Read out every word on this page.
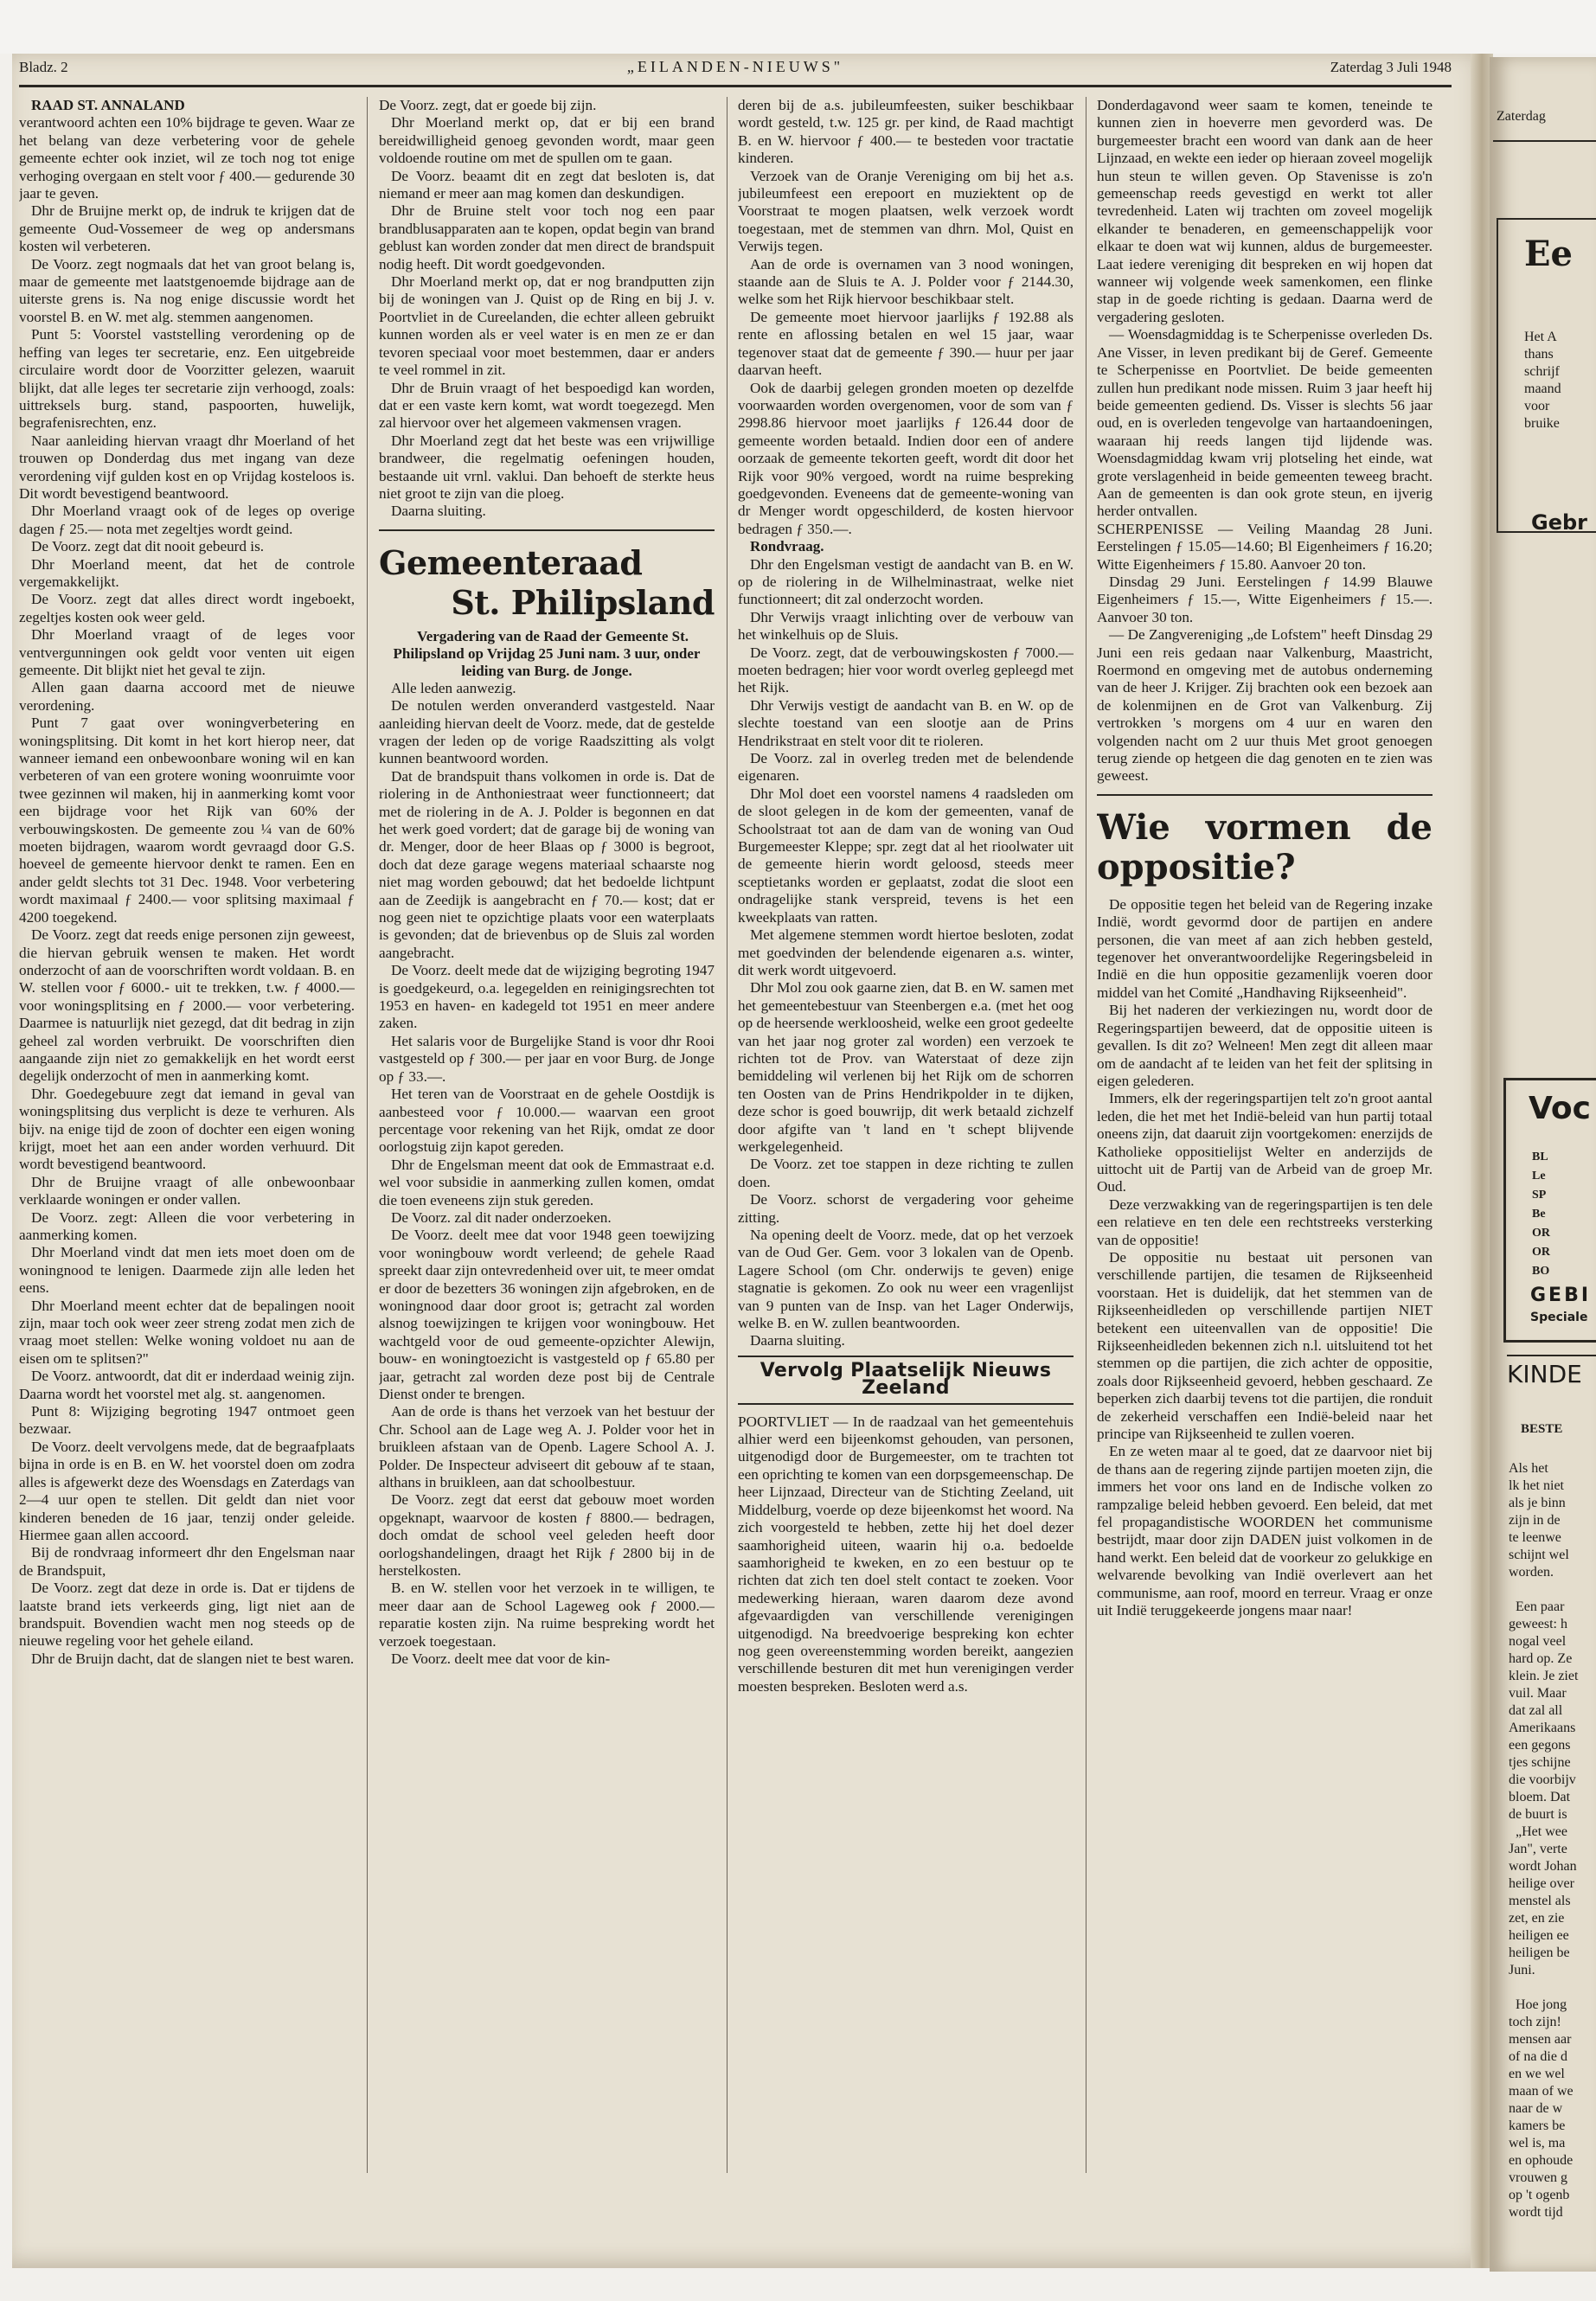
Zaterdag
Ee
Het A
thans
schrijf
maand
voor
bruike
Gebr
Voc
BL
Le
SP
Be
OR
OR
BO
GEBI
Speciale
KINDE
BESTE
Als het
lk het niet
als je binn
zijn in de
te leenwe
schijnt wel
worden.

Een paar
geweest: h
nogal veel
hard op. Ze
klein. Je ziet
vuil. Maar
dat zal all
Amerikaans
een gegons
tjes schijne
die voorbijv
bloem. Dat
de buurt is
„Het wee
Jan", verte
wordt Johan
heilige over
menstel als
zet, en zie
heiligen ee
heiligen be
Juni.

Hoe jong
toch zijn!
mensen aar
of na die d
en we wel
maan of we
naar de w
kamers be
wel is, ma
en ophoude
vrouwen g
op 't ogenb
wordt tijd
Bladz. 2	„EILANDEN-NIEUWS"	Zaterdag 3 Juli 1948

RAAD ST. ANNALAND

verantwoord achten een 10% bijdrage te geven. Waar ze het belang van deze verbetering voor de gehele gemeente echter ook inziet, wil ze toch nog tot enige verhoging overgaan en stelt voor ƒ 400.— gedurende 30 jaar te geven.

Dhr de Bruijne merkt op, de indruk te krijgen dat de gemeente Oud-Vossemeer de weg op andersmans kosten wil verbeteren.

De Voorz. zegt nogmaals dat het van groot belang is, maar de gemeente met laatstgenoemde bijdrage aan de uiterste grens is. Na nog enige discussie wordt het voorstel B. en W. met alg. stemmen aangenomen.

Punt 5: Voorstel vaststelling verordening op de heffing van leges ter secretarie, enz. Een uitgebreide circulaire wordt door de Voorzitter gelezen, waaruit blijkt, dat alle leges ter secretarie zijn verhoogd, zoals: uittreksels burg. stand, paspoorten, huwelijk, begrafenisrechten, enz.

Naar aanleiding hiervan vraagt dhr Moerland of het trouwen op Donderdag dus met ingang van deze verordening vijf gulden kost en op Vrijdag kosteloos is. Dit wordt bevestigend beantwoord.

Dhr Moerland vraagt ook of de leges op overige dagen ƒ 25.— nota met zegeltjes wordt geind.

De Voorz. zegt dat dit nooit gebeurd is.

Dhr Moerland meent, dat het de controle vergemakkelijkt.

De Voorz. zegt dat alles direct wordt ingeboekt, zegeltjes kosten ook weer geld.

Dhr Moerland vraagt of de leges voor ventvergunningen ook geldt voor venten uit eigen gemeente. Dit blijkt niet het geval te zijn.

Allen gaan daarna accoord met de nieuwe verordening.

Punt 7 gaat over woningverbetering en woningsplitsing. Dit komt in het kort hierop neer, dat wanneer iemand een onbewoonbare woning wil en kan verbeteren of van een grotere woning woonruimte voor twee gezinnen wil maken, hij in aanmerking komt voor een bijdrage voor het Rijk van 60% der verbouwingskosten. De gemeente zou ¼ van de 60% moeten bijdragen, waarom wordt gevraagd door G.S. hoeveel de gemeente hiervoor denkt te ramen. Een en ander geldt slechts tot 31 Dec. 1948. Voor verbetering wordt maximaal ƒ 2400.— voor splitsing maximaal ƒ 4200 toegekend.

De Voorz. zegt dat reeds enige personen zijn geweest, die hiervan gebruik wensen te maken. Het wordt onderzocht of aan de voorschriften wordt voldaan. B. en W. stellen voor ƒ 6000.- uit te trekken, t.w. ƒ 4000.— voor woningsplitsing en ƒ 2000.— voor verbetering. Daarmee is natuurlijk niet gezegd, dat dit bedrag in zijn geheel zal worden verbruikt. De voorschriften dien aangaande zijn niet zo gemakkelijk en het wordt eerst degelijk onderzocht of men in aanmerking komt.

Dhr. Goedegebuure zegt dat iemand in geval van woningsplitsing dus verplicht is deze te verhuren. Als bijv. na enige tijd de zoon of dochter een eigen woning krijgt, moet het aan een ander worden verhuurd. Dit wordt bevestigend beantwoord.

Dhr de Bruijne vraagt of alle onbewoonbaar verklaarde woningen er onder vallen.

De Voorz. zegt: Alleen die voor verbetering in aanmerking komen.

Dhr Moerland vindt dat men iets moet doen om de woningnood te lenigen. Daarmede zijn alle leden het eens.

Dhr Moerland meent echter dat de bepalingen nooit zijn, maar toch ook weer zeer streng zodat men zich de vraag moet stellen: Welke woning voldoet nu aan de eisen om te splitsen?"

De Voorz. antwoordt, dat dit er inderdaad weinig zijn. Daarna wordt het voorstel met alg. st. aangenomen.

Punt 8: Wijziging begroting 1947 ontmoet geen bezwaar.

De Voorz. deelt vervolgens mede, dat de begraafplaats bijna in orde is en B. en W. het voorstel doen om zodra alles is afgewerkt deze des Woensdags en Zaterdags van 2—4 uur open te stellen. Dit geldt dan niet voor kinderen beneden de 16 jaar, tenzij onder geleide. Hiermee gaan allen accoord.

Bij de rondvraag informeert dhr den Engelsman naar de Brandspuit,

De Voorz. zegt dat deze in orde is. Dat er tijdens de laatste brand iets verkeerds ging, ligt niet aan de brandspuit. Bovendien wacht men nog steeds op de nieuwe regeling voor het gehele eiland.

Dhr de Bruijn dacht, dat de slangen niet te best waren.

De Voorz. zegt, dat er goede bij zijn.

Dhr Moerland merkt op, dat er bij een brand bereidwilligheid genoeg gevonden wordt, maar geen voldoende routine om met de spullen om te gaan.

De Voorz. beaamt dit en zegt dat besloten is, dat niemand er meer aan mag komen dan deskundigen.

Dhr de Bruine stelt voor toch nog een paar brandblusapparaten aan te kopen, opdat begin van brand geblust kan worden zonder dat men direct de brandspuit nodig heeft. Dit wordt goedgevonden.

Dhr Moerland merkt op, dat er nog brandputten zijn bij de woningen van J. Quist op de Ring en bij J. v. Poortvliet in de Cureelanden, die echter alleen gebruikt kunnen worden als er veel water is en men ze er dan tevoren speciaal voor moet bestemmen, daar er anders te veel rommel in zit.

Dhr de Bruin vraagt of het bespoedigd kan worden, dat er een vaste kern komt, wat wordt toegezegd. Men zal hiervoor over het algemeen vakmensen vragen.

Dhr Moerland zegt dat het beste was een vrijwillige brandweer, die regelmatig oefeningen houden, bestaande uit vrnl. vaklui. Dan behoeft de sterkte heus niet groot te zijn van die ploeg.

Daarna sluiting.

Gemeenteraad
St. Philipsland

Vergadering van de Raad der Gemeente St. Philipsland op Vrijdag 25 Juni nam. 3 uur, onder leiding van Burg. de Jonge.

Alle leden aanwezig.

De notulen werden onveranderd vastgesteld. Naar aanleiding hiervan deelt de Voorz. mede, dat de gestelde vragen der leden op de vorige Raadszitting als volgt kunnen beantwoord worden.

Dat de brandspuit thans volkomen in orde is. Dat de riolering in de Anthoniestraat weer functionneert; dat met de riolering in de A. J. Polder is begonnen en dat het werk goed vordert; dat de garage bij de woning van dr. Menger, door de heer Blaas op ƒ 3000 is begroot, doch dat deze garage wegens materiaal schaarste nog niet mag worden gebouwd; dat het bedoelde lichtpunt aan de Zeedijk is aangebracht en ƒ 70.— kost; dat er nog geen niet te opzichtige plaats voor een waterplaats is gevonden; dat de brievenbus op de Sluis zal worden aangebracht.

De Voorz. deelt mede dat de wijziging begroting 1947 is goedgekeurd, o.a. legegelden en reinigingsrechten tot 1953 en haven- en kadegeld tot 1951 en meer andere zaken.

Het salaris voor de Burgelijke Stand is voor dhr Rooi vastgesteld op ƒ 300.— per jaar en voor Burg. de Jonge op ƒ 33.—.

Het teren van de Voorstraat en de gehele Oostdijk is aanbesteed voor ƒ 10.000.— waarvan een groot percentage voor rekening van het Rijk, omdat ze door oorlogstuig zijn kapot gereden.

Dhr de Engelsman meent dat ook de Emmastraat e.d. wel voor subsidie in aanmerking zullen komen, omdat die toen eveneens zijn stuk gereden.

De Voorz. zal dit nader onderzoeken.

De Voorz. deelt mee dat voor 1948 geen toewijzing voor woningbouw wordt verleend; de gehele Raad spreekt daar zijn ontevredenheid over uit, te meer omdat er door de bezetters 36 woningen zijn afgebroken, en de woningnood daar door groot is; getracht zal worden alsnog toewijzingen te krijgen voor woningbouw. Het wachtgeld voor de oud gemeente-opzichter Alewijn, bouw- en woningtoezicht is vastgesteld op ƒ 65.80 per jaar, getracht zal worden deze post bij de Centrale Dienst onder te brengen.

Aan de orde is thans het verzoek van het bestuur der Chr. School aan de Lage weg A. J. Polder voor het in bruikleen afstaan van de Openb. Lagere School A. J. Polder. De Inspecteur adviseert dit gebouw af te staan, althans in bruikleen, aan dat schoolbestuur.

De Voorz. zegt dat eerst dat gebouw moet worden opgeknapt, waarvoor de kosten ƒ 8800.— bedragen, doch omdat de school veel geleden heeft door oorlogshandelingen, draagt het Rijk ƒ 2800 bij in de herstelkosten.

B. en W. stellen voor het verzoek in te willigen, te meer daar aan de School Lageweg ook ƒ 2000.— reparatie kosten zijn. Na ruime bespreking wordt het verzoek toegestaan.

De Voorz. deelt mee dat voor de kin-

deren bij de a.s. jubileumfeesten, suiker beschikbaar wordt gesteld, t.w. 125 gr. per kind, de Raad machtigt B. en W. hiervoor ƒ 400.— te besteden voor tractatie kinderen.

Verzoek van de Oranje Vereniging om bij het a.s. jubileumfeest een erepoort en muziektent op de Voorstraat te mogen plaatsen, welk verzoek wordt toegestaan, met de stemmen van dhrn. Mol, Quist en Verwijs tegen.

Aan de orde is overnamen van 3 nood woningen, staande aan de Sluis te A. J. Polder voor ƒ 2144.30, welke som het Rijk hiervoor beschikbaar stelt.

De gemeente moet hiervoor jaarlijks ƒ 192.88 als rente en aflossing betalen en wel 15 jaar, waar tegenover staat dat de gemeente ƒ 390.— huur per jaar daarvan heeft.

Ook de daarbij gelegen gronden moeten op dezelfde voorwaarden worden overgenomen, voor de som van ƒ 2998.86 hiervoor moet jaarlijks ƒ 126.44 door de gemeente worden betaald. Indien door een of andere oorzaak de gemeente tekorten geeft, wordt dit door het Rijk voor 90% vergoed, wordt na ruime bespreking goedgevonden. Eveneens dat de gemeente-woning van dr Menger wordt opgeschilderd, de kosten hiervoor bedragen ƒ 350.—.

Rondvraag.

Dhr den Engelsman vestigt de aandacht van B. en W. op de riolering in de Wilhelminastraat, welke niet functionneert; dit zal onderzocht worden.

Dhr Verwijs vraagt inlichting over de verbouw van het winkelhuis op de Sluis.

De Voorz. zegt, dat de verbouwingskosten ƒ 7000.— moeten bedragen; hier voor wordt overleg gepleegd met het Rijk.

Dhr Verwijs vestigt de aandacht van B. en W. op de slechte toestand van een slootje aan de Prins Hendrikstraat en stelt voor dit te rioleren.

De Voorz. zal in overleg treden met de belendende eigenaren.

Dhr Mol doet een voorstel namens 4 raadsleden om de sloot gelegen in de kom der gemeenten, vanaf de Schoolstraat tot aan de dam van de woning van Oud Burgemeester Kleppe; spr. zegt dat al het rioolwater uit de gemeente hierin wordt geloosd, steeds meer sceptietanks worden er geplaatst, zodat die sloot een ondragelijke stank verspreid, tevens is het een kweekplaats van ratten.

Met algemene stemmen wordt hiertoe besloten, zodat met goedvinden der belendende eigenaren a.s. winter, dit werk wordt uitgevoerd.

Dhr Mol zou ook gaarne zien, dat B. en W. samen met het gemeentebestuur van Steenbergen e.a. (met het oog op de heersende werkloosheid, welke een groot gedeelte van het jaar nog groter zal worden) een verzoek te richten tot de Prov. van Waterstaat of deze zijn bemiddeling wil verlenen bij het Rijk om de schorren ten Oosten van de Prins Hendrikpolder in te dijken, deze schor is goed bouwrijp, dit werk betaald zichzelf door afgifte van 't land en 't schept blijvende werkgelegenheid.

De Voorz. zet toe stappen in deze richting te zullen doen.

De Voorz. schorst de vergadering voor geheime zitting.

Na opening deelt de Voorz. mede, dat op het verzoek van de Oud Ger. Gem. voor 3 lokalen van de Openb. Lagere School (om Chr. onderwijs te geven) enige stagnatie is gekomen. Zo ook nu weer een vragenlijst van 9 punten van de Insp. van het Lager Onderwijs, welke B. en W. zullen beantwoorden.

Daarna sluiting.

Vervolg Plaatselijk Nieuws Zeeland

POORTVLIET — In de raadzaal van het gemeentehuis alhier werd een bijeenkomst gehouden, van personen, uitgenodigd door de Burgemeester, om te trachten tot een oprichting te komen van een dorpsgemeenschap. De heer Lijnzaad, Directeur van de Stichting Zeeland, uit Middelburg, voerde op deze bijeenkomst het woord. Na zich voorgesteld te hebben, zette hij het doel dezer saamhorigheid uiteen, waarin hij o.a. bedoelde saamhorigheid te kweken, en zo een bestuur op te richten dat zich ten doel stelt contact te zoeken. Voor medewerking hieraan, waren daarom deze avond afgevaardigden van verschillende verenigingen uitgenodigd. Na breedvoerige bespreking kon echter nog geen overeenstemming worden bereikt, aangezien verschillende besturen dit met hun verenigingen verder moesten bespreken. Besloten werd a.s.

Donderdagavond weer saam te komen, teneinde te kunnen zien in hoeverre men gevorderd was. De burgemeester bracht een woord van dank aan de heer Lijnzaad, en wekte een ieder op hieraan zoveel mogelijk hun steun te willen geven. Op Stavenisse is zo'n gemeenschap reeds gevestigd en werkt tot aller tevredenheid. Laten wij trachten om zoveel mogelijk elkander te benaderen, en gemeenschappelijk voor elkaar te doen wat wij kunnen, aldus de burgemeester. Laat iedere vereniging dit bespreken en wij hopen dat wanneer wij volgende week samenkomen, een flinke stap in de goede richting is gedaan. Daarna werd de vergadering gesloten.

— Woensdagmiddag is te Scherpenisse overleden Ds. Ane Visser, in leven predikant bij de Geref. Gemeente te Scherpenisse en Poortvliet. De beide gemeenten zullen hun predikant node missen. Ruim 3 jaar heeft hij beide gemeenten gediend. Ds. Visser is slechts 56 jaar oud, en is overleden tengevolge van hartaandoeningen, waaraan hij reeds langen tijd lijdende was. Woensdagmiddag kwam vrij plotseling het einde, wat grote verslagenheid in beide gemeenten teweeg bracht. Aan de gemeenten is dan ook grote steun, en ijverig herder ontvallen.

SCHERPENISSE — Veiling Maandag 28 Juni. Eerstelingen ƒ 15.05—14.60; Bl Eigenheimers ƒ 16.20; Witte Eigenheimers ƒ 15.80. Aanvoer 20 ton.

Dinsdag 29 Juni. Eerstelingen ƒ 14.99 Blauwe Eigenheimers ƒ 15.—, Witte Eigenheimers ƒ 15.—. Aanvoer 30 ton.

— De Zangvereniging „de Lofstem" heeft Dinsdag 29 Juni een reis gedaan naar Valkenburg, Maastricht, Roermond en omgeving met de autobus onderneming van de heer J. Krijger. Zij brachten ook een bezoek aan de kolenmijnen en de Grot van Valkenburg. Zij vertrokken 's morgens om 4 uur en waren den volgenden nacht om 2 uur thuis Met groot genoegen terug ziende op hetgeen die dag genoten en te zien was geweest.

Wie vormen de oppositie?

De oppositie tegen het beleid van de Regering inzake Indië, wordt gevormd door de partijen en andere personen, die van meet af aan zich hebben gesteld, tegenover het onverantwoordelijke Regeringsbeleid in Indië en die hun oppositie gezamenlijk voeren door middel van het Comité „Handhaving Rijkseenheid".

Bij het naderen der verkiezingen nu, wordt door de Regeringspartijen beweerd, dat de oppositie uiteen is gevallen. Is dit zo? Welneen! Men zegt dit alleen maar om de aandacht af te leiden van het feit der splitsing in eigen gelederen.

Immers, elk der regeringspartijen telt zo'n groot aantal leden, die het met het Indië-beleid van hun partij totaal oneens zijn, dat daaruit zijn voortgekomen: enerzijds de Katholieke oppositielijst Welter en anderzijds de uittocht uit de Partij van de Arbeid van de groep Mr. Oud.

Deze verzwakking van de regeringspartijen is ten dele een relatieve en ten dele een rechtstreeks versterking van de oppositie!

De oppositie nu bestaat uit personen van verschillende partijen, die tesamen de Rijkseenheid voorstaan. Het is duidelijk, dat het stemmen van de Rijkseenheidleden op verschillende partijen NIET betekent een uiteenvallen van de oppositie! Die Rijkseenheidleden bekennen zich n.l. uitsluitend tot het stemmen op die partijen, die zich achter de oppositie, zoals door Rijkseenheid gevoerd, hebben geschaard. Ze beperken zich daarbij tevens tot die partijen, die ronduit de zekerheid verschaffen een Indië-beleid naar het principe van Rijkseenheid te zullen voeren.

En ze weten maar al te goed, dat ze daarvoor niet bij de thans aan de regering zijnde partijen moeten zijn, die immers het voor ons land en de Indische volken zo rampzalige beleid hebben gevoerd. Een beleid, dat met fel propagandistische WOORDEN het communisme bestrijdt, maar door zijn DADEN juist volkomen in de hand werkt. Een beleid dat de voorkeur zo gelukkige en welvarende bevolking van Indië overlevert aan het communisme, aan roof, moord en terreur. Vraag er onze uit Indië teruggekeerde jongens maar naar!
